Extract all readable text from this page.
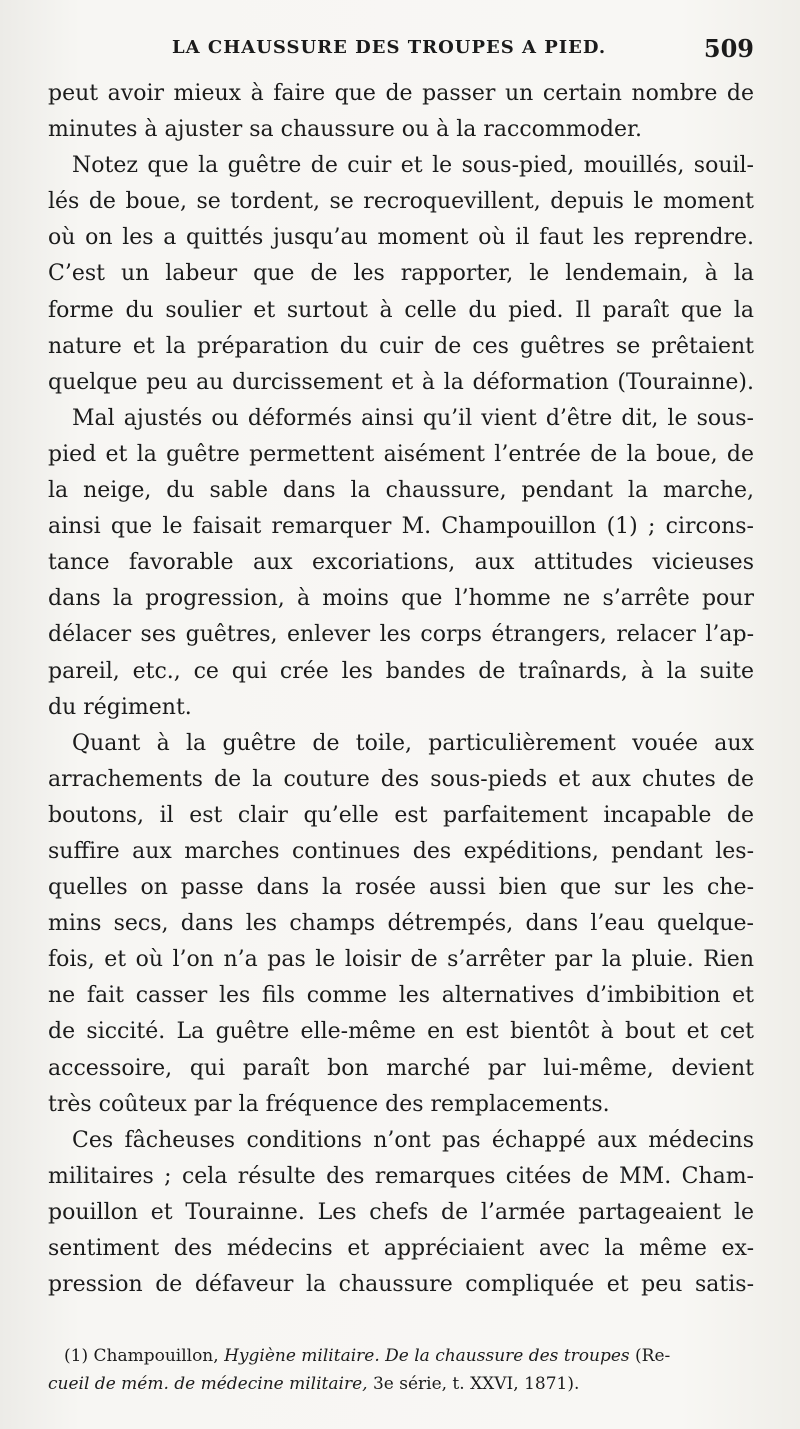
LA CHAUSSURE DES TROUPES A PIED.	509
peut avoir mieux à faire que de passer un certain nombre de
minutes à ajuster sa chaussure ou à la raccommoder.
Notez que la guêtre de cuir et le sous-pied, mouillés, souil-
lés de boue, se tordent, se recroquevillent, depuis le moment
où on les a quittés jusqu’au moment où il faut les reprendre.
C’est un labeur que de les rapporter, le lendemain, à la
forme du soulier et surtout à celle du pied. Il paraît que la
nature et la préparation du cuir de ces guêtres se prêtaient
quelque peu au durcissement et à la déformation (Tourainne).
Mal ajustés ou déformés ainsi qu’il vient d’être dit, le sous-
pied et la guêtre permettent aisément l’entrée de la boue, de
la neige, du sable dans la chaussure, pendant la marche,
ainsi que le faisait remarquer M. Champouillon (1) ; circons-
tance favorable aux excoriations, aux attitudes vicieuses
dans la progression, à moins que l’homme ne s’arrête pour
délacer ses guêtres, enlever les corps étrangers, relacer l’ap-
pareil, etc., ce qui crée les bandes de traînards, à la suite
du régiment.
Quant à la guêtre de toile, particulièrement vouée aux
arrachements de la couture des sous-pieds et aux chutes de
boutons, il est clair qu’elle est parfaitement incapable de
suffire aux marches continues des expéditions, pendant les-
quelles on passe dans la rosée aussi bien que sur les che-
mins secs, dans les champs détrempés, dans l’eau quelque-
fois, et où l’on n’a pas le loisir de s’arrêter par la pluie. Rien
ne fait casser les fils comme les alternatives d’imbibition et
de siccité. La guêtre elle-même en est bientôt à bout et cet
accessoire, qui paraît bon marché par lui-même, devient
très coûteux par la fréquence des remplacements.
Ces fâcheuses conditions n’ont pas échappé aux médecins
militaires ; cela résulte des remarques citées de MM. Cham-
pouillon et Tourainne. Les chefs de l’armée partageaient le
sentiment des médecins et appréciaient avec la même ex-
pression de défaveur la chaussure compliquée et peu satis-
(1) Champouillon, Hygiène militaire. De la chaussure des troupes (Re-
cueil de mém. de médecine militaire, 3e série, t. XXVI, 1871).
